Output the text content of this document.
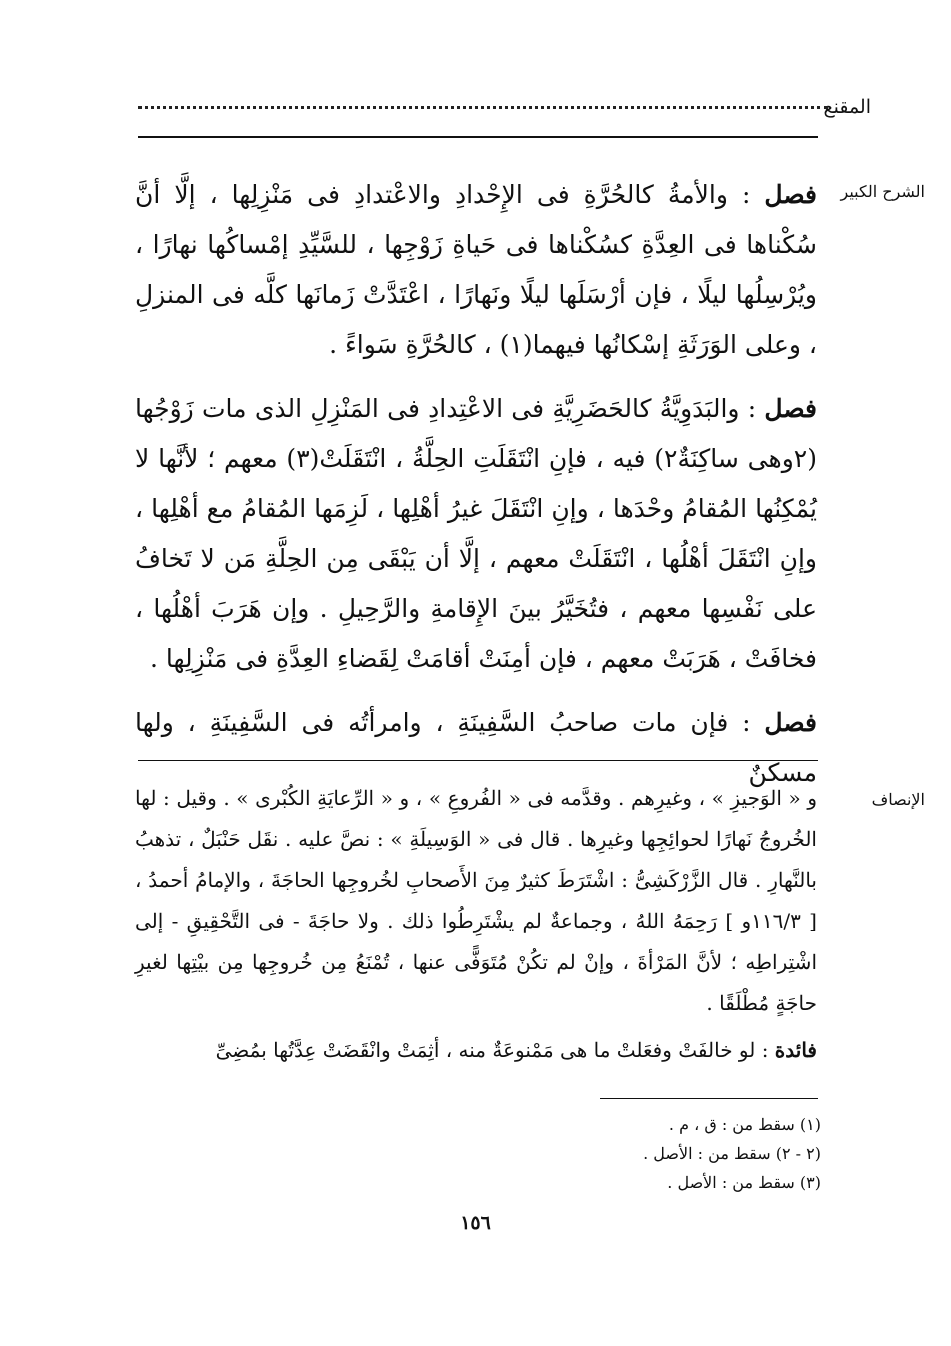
المقنع
الشرح الكبير

فصل : والأمةُ كالحُرَّةِ فى الإِحْدادِ والاعْتدادِ فى مَنْزِلِها ، إلَّا أنَّ سُكْناها فى العِدَّةِ كسُكْناها فى حَياةِ زَوْجِها ، للسَّيِّدِ إمْساكُها نهارًا ، ويُرْسِلُها ليلًا ، فإن أرْسَلَها ليلًا ونَهارًا ، اعْتَدَّتْ زَمانَها كلَّه فى المنزلِ ، وعلى الوَرَثَةِ إسْكانُها فيهما(١) ، كالحُرَّةِ سَواءً .

فصل : والبَدَوِيَّةُ كالحَضَرِيَّةِ فى الاعْتِدادِ فى المَنْزِلِ الذى مات زَوْجُها (٢وهى ساكِنَةٌ٢) فيه ، فإنِ انْتَقَلَتِ الحِلَّةُ ، انْتَقَلَتْ(٣) معهم ؛ لأنَّها لا يُمْكِنُها المُقامُ وحْدَها ، وإنِ انْتَقَلَ غيرُ أهْلِها ، لَزِمَها المُقامُ مع أهْلِها ، وإنِ انْتَقَلَ أهْلُها ، انْتَقَلَتْ معهم ، إلَّا أن يَبْقَى مِن الحِلَّةِ مَن لا تَخافُ على نَفْسِها معهم ، فتُخَيَّرُ بينَ الإِقامةِ والرَّحِيلِ . وإن هَرَبَ أهْلُها ، فخافَتْ ، هَرَبَتْ معهم ، فإن أمِنَتْ أقامَتْ لِقَضاءِ العِدَّةِ فى مَنْزِلِها .

فصل : فإن مات صاحبُ السَّفِينَةِ ، وامرأتُه فى السَّفِينَةِ ، ولها مسكنٌ

الإنصاف

و « الوَجيزِ » ، وغيرِهم . وقدَّمه فى « الفُروعِ » ، و « الرِّعايَةِ الكُبْرى » . وقيل : لها الخُروجُ نَهارًا لحوائِجِها وغيرِها . قال فى « الوَسِيلَةِ » : نصَّ عليه . نقَل حَنْبَلٌ ، تذهبُ بالنَّهارِ . قال الزَّرْكَشِىُّ : اشْتَرَطَ كثيرٌ مِنَ الأَصحابِ لخُروجِها الحاجَةَ ، والإمامُ أحمدُ ، [ ١١٦/٣و ] رَحِمَهُ اللهُ ، وجماعةٌ لم يشْتَرِطُوا ذلك . ولا حاجَةَ - فى التَّحْقِيقِ - إلى اشْتِراطِه ؛ لأنَّ المَرْأةَ ، وإنْ لم تكُنْ مُتَوَفًّى عنها ، تُمْنَعُ مِن خُروجِها مِن بيْتِها لغيرِ حاجَةٍ مُطْلَقًا .

فائدة : لو خالفَتْ وفعَلتْ ما هى مَمْنوعَةٌ منه ، أثِمَتْ وانْقَضَتْ عِدَّتُها بمُضِىِّ

(١) سقط من : ق ، م .
(٢ - ٢) سقط من : الأصل .
(٣) سقط من : الأصل .
١٥٦
